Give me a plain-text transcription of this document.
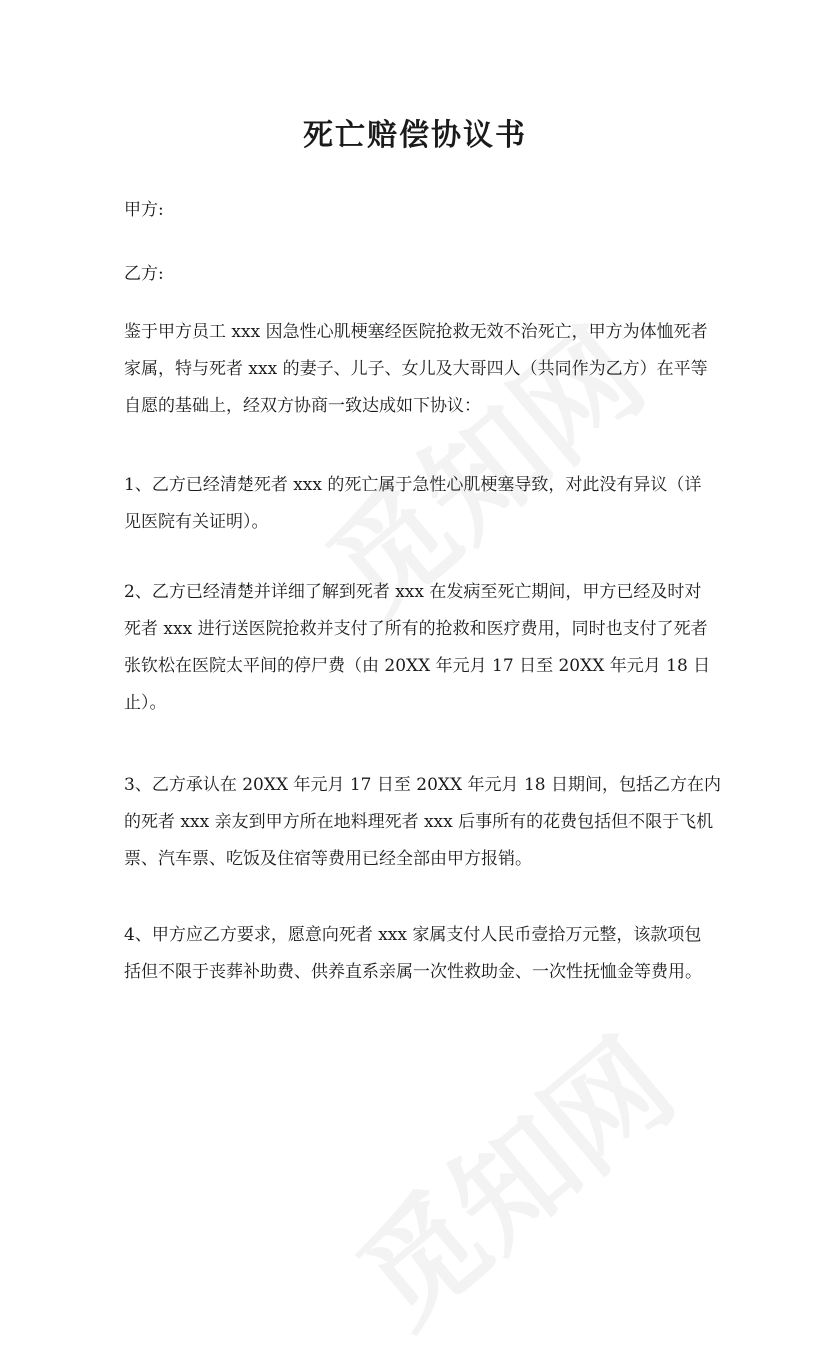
死亡赔偿协议书
甲方:
乙方:
鉴于甲方员工 xxx 因急性心肌梗塞经医院抢救无效不治死亡，甲方为体恤死者
家属，特与死者 xxx 的妻子、儿子、女儿及大哥四人（共同作为乙方）在平等
自愿的基础上，经双方协商一致达成如下协议：
1、乙方已经清楚死者 xxx 的死亡属于急性心肌梗塞导致，对此没有异议（详
见医院有关证明）。
2、乙方已经清楚并详细了解到死者 xxx 在发病至死亡期间，甲方已经及时对
死者 xxx 进行送医院抢救并支付了所有的抢救和医疗费用，同时也支付了死者
张钦松在医院太平间的停尸费（由 20XX 年元月 17 日至 20XX 年元月 18 日
止）。
3、乙方承认在 20XX 年元月 17 日至 20XX 年元月 18 日期间，包括乙方在内
的死者 xxx 亲友到甲方所在地料理死者 xxx 后事所有的花费包括但不限于飞机
票、汽车票、吃饭及住宿等费用已经全部由甲方报销。
4、甲方应乙方要求，愿意向死者 xxx 家属支付人民币壹拾万元整，该款项包
括但不限于丧葬补助费、供养直系亲属一次性救助金、一次性抚恤金等费用。
